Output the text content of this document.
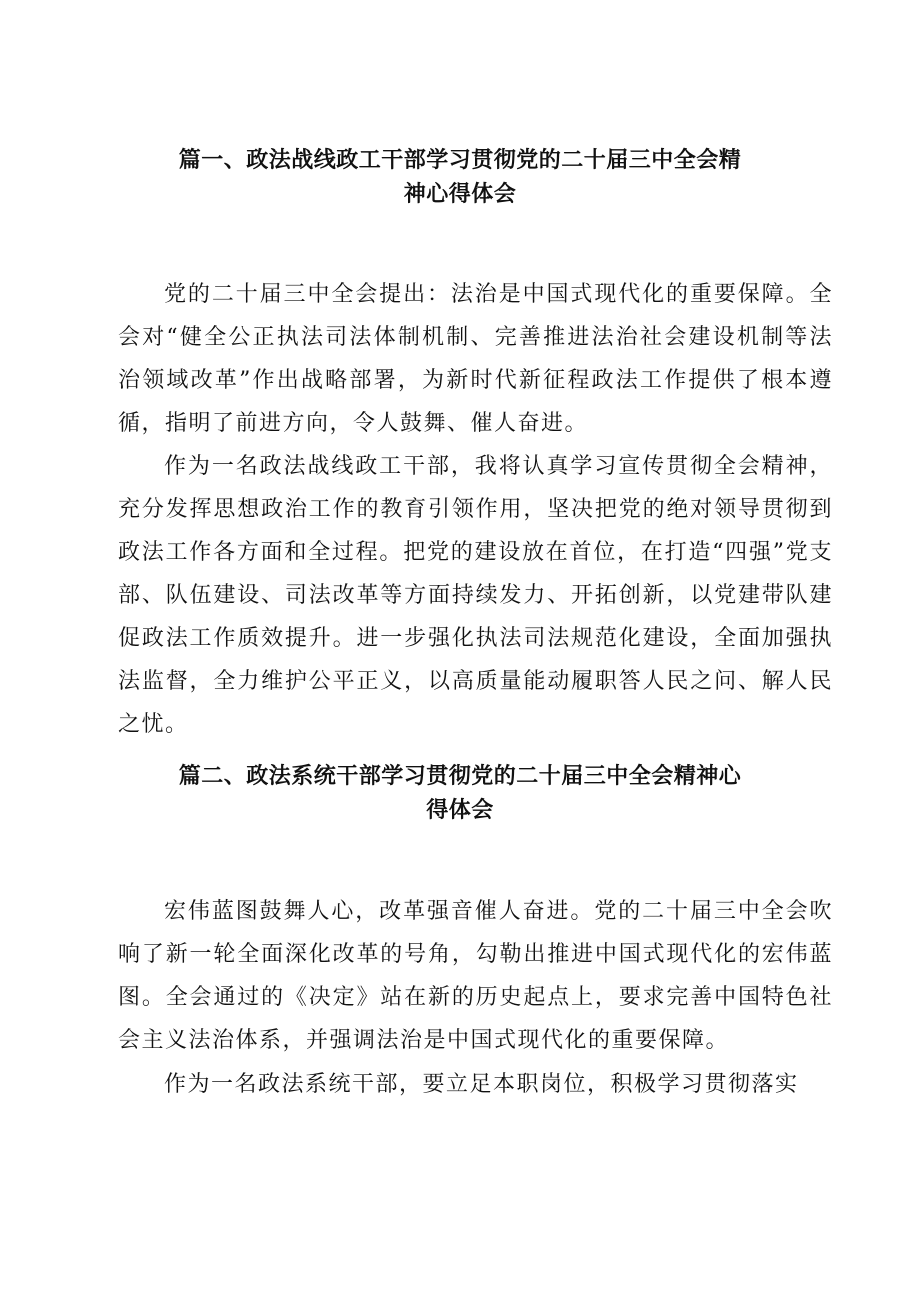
篇一、政法战线政工干部学习贯彻党的二十届三中全会精
神心得体会

党的二十届三中全会提出：法治是中国式现代化的重要保障。全会对“健全公正执法司法体制机制、完善推进法治社会建设机制等法治领域改革”作出战略部署，为新时代新征程政法工作提供了根本遵循，指明了前进方向，令人鼓舞、催人奋进。

作为一名政法战线政工干部，我将认真学习宣传贯彻全会精神，充分发挥思想政治工作的教育引领作用，坚决把党的绝对领导贯彻到政法工作各方面和全过程。把党的建设放在首位，在打造“四强”党支部、队伍建设、司法改革等方面持续发力、开拓创新，以党建带队建促政法工作质效提升。进一步强化执法司法规范化建设，全面加强执法监督，全力维护公平正义，以高质量能动履职答人民之问、解人民之忧。

篇二、政法系统干部学习贯彻党的二十届三中全会精神心
得体会

宏伟蓝图鼓舞人心，改革强音催人奋进。党的二十届三中全会吹响了新一轮全面深化改革的号角，勾勒出推进中国式现代化的宏伟蓝图。全会通过的《决定》站在新的历史起点上，要求完善中国特色社会主义法治体系，并强调法治是中国式现代化的重要保障。

作为一名政法系统干部，要立足本职岗位，积极学习贯彻落实
